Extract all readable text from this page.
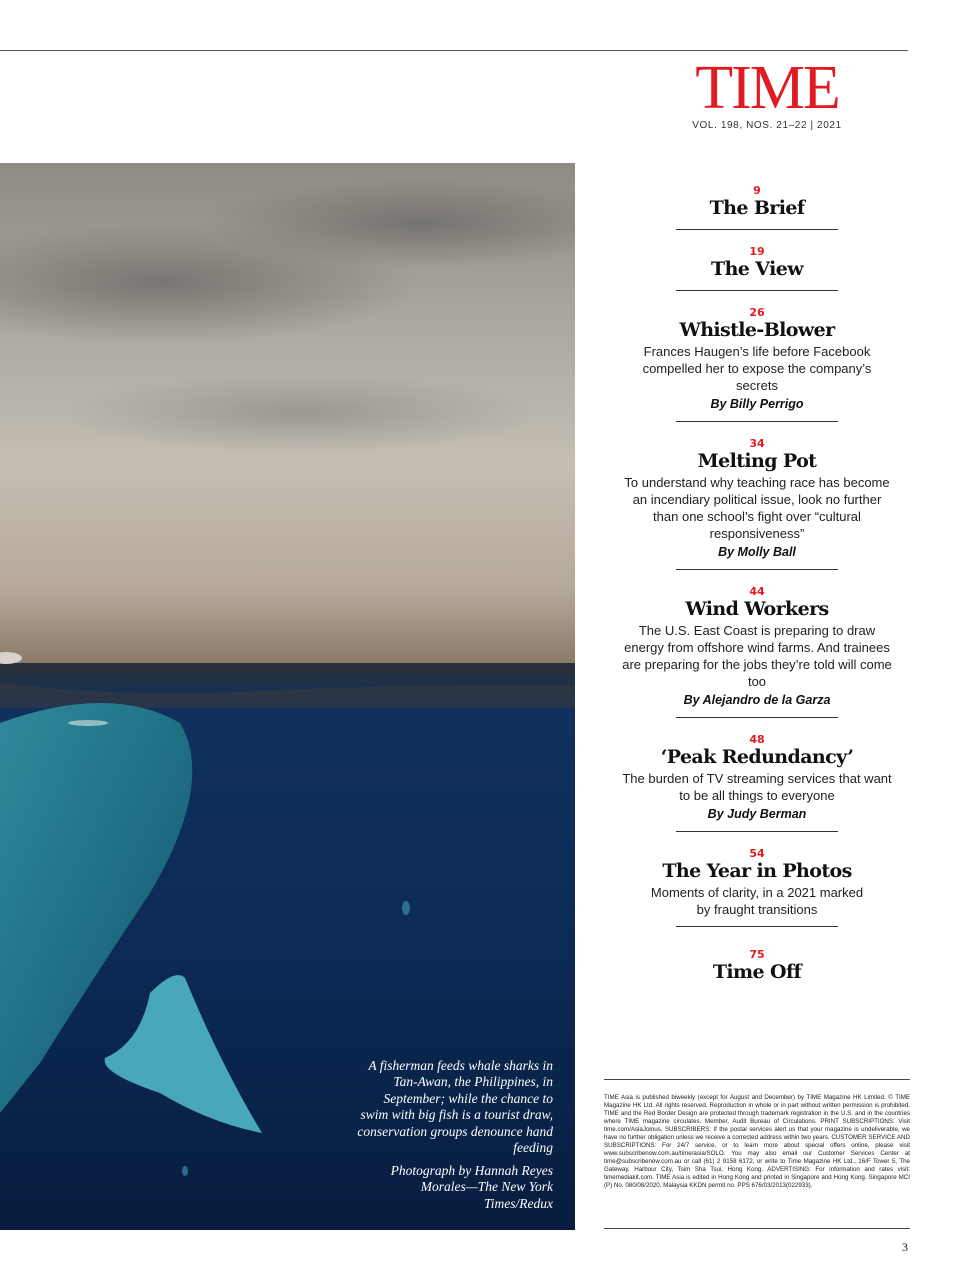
TIME
VOL. 198, NOS. 21–22 | 2021

A fisherman feeds whale sharks in Tan-Awan, the Philippines, in September; while the chance to swim with big fish is a tourist draw, conservation groups denounce hand feeding

Photograph by Hannah Reyes Morales—The New York Times/Redux

9
The Brief
19
The View
26
Whistle-Blower
Frances Haugen’s life before Facebook compelled her to expose the company’s secrets
By Billy Perrigo
34
Melting Pot
To understand why teaching race has become an incendiary political issue, look no further than one school’s fight over “cultural responsiveness”
By Molly Ball
44
Wind Workers
The U.S. East Coast is preparing to draw energy from offshore wind farms. And trainees are preparing for the jobs they’re told will come too
By Alejandro de la Garza
48
‘Peak Redundancy’
The burden of TV streaming services that want to be all things to everyone
By Judy Berman
54
The Year in Photos
Moments of clarity, in a 2021 marked by fraught transitions
75
Time Off
TIME Asia is published biweekly (except for August and December) by TIME Magazine HK Limited. © TIME Magazine HK Ltd. All rights reserved. Reproduction in whole or in part without written permission is prohibited. TIME and the Red Border Design are protected through trademark registration in the U.S. and in the countries where TIME magazine circulates. Member, Audit Bureau of Circulations. PRINT SUBSCRIPTIONS: Visit time.com/AsiaJoinus. SUBSCRIBERS: If the postal services alert us that your magazine is undeliverable, we have no further obligation unless we receive a corrected address within two years. CUSTOMER SERVICE AND SUBSCRIPTIONS: For 24/7 service, or to learn more about special offers online, please visit www.subscribenow.com.au/time/asia/SOLO. You may also email our Customer Services Center at time@subscribenow.com.au or call (61) 2 9158 6172, or write to Time Magazine HK Ltd., 16/F Tower 5, The Gateway, Harbour City, Tsim Sha Tsui, Hong Kong. ADVERTISING: For information and rates visit: timemediakit.com. TIME Asia is edited in Hong Kong and printed in Singapore and Hong Kong. Singapore MCI (P) No. 080/08/2020. Malaysia KKDN permit no. PPS 676/03/2013(022933).
3
